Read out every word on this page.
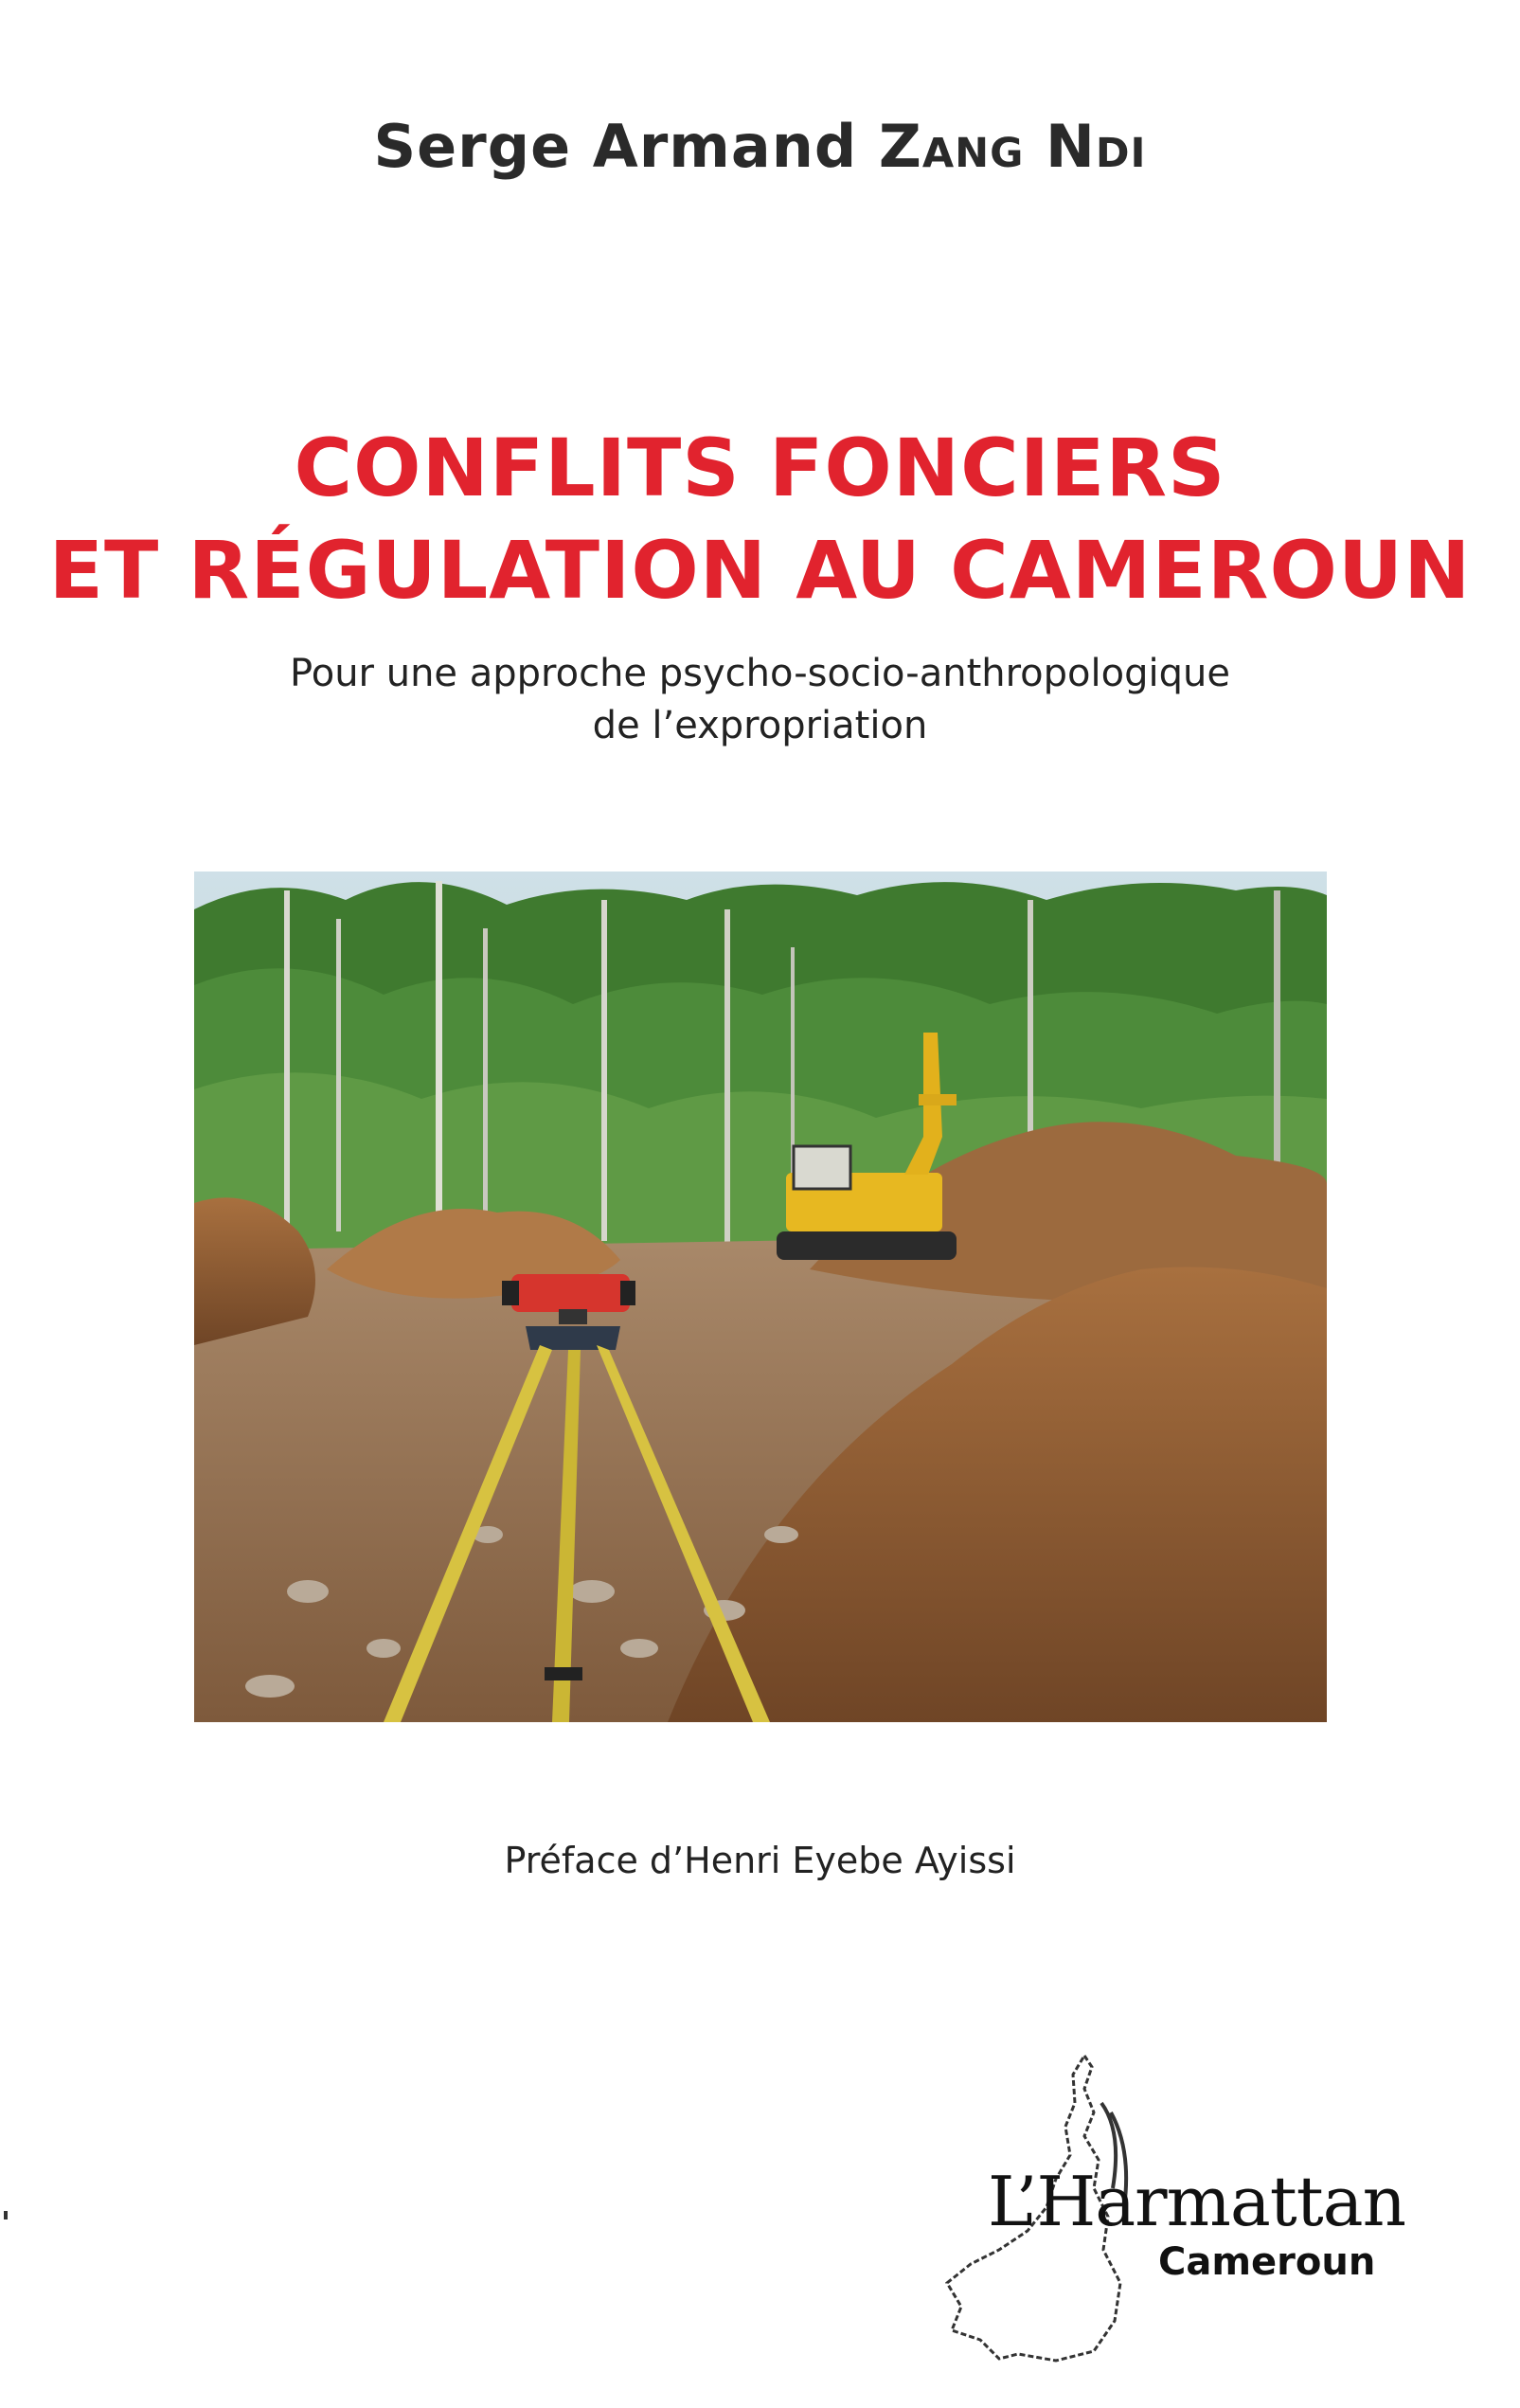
Serge Armand Zang Ndi
CONFLITS FONCIERS
ET RÉGULATION AU CAMEROUN
Pour une approche psycho-socio-anthropologique
de l’expropriation
Préface d’Henri Eyebe Ayissi
L’Harmattan
Cameroun
